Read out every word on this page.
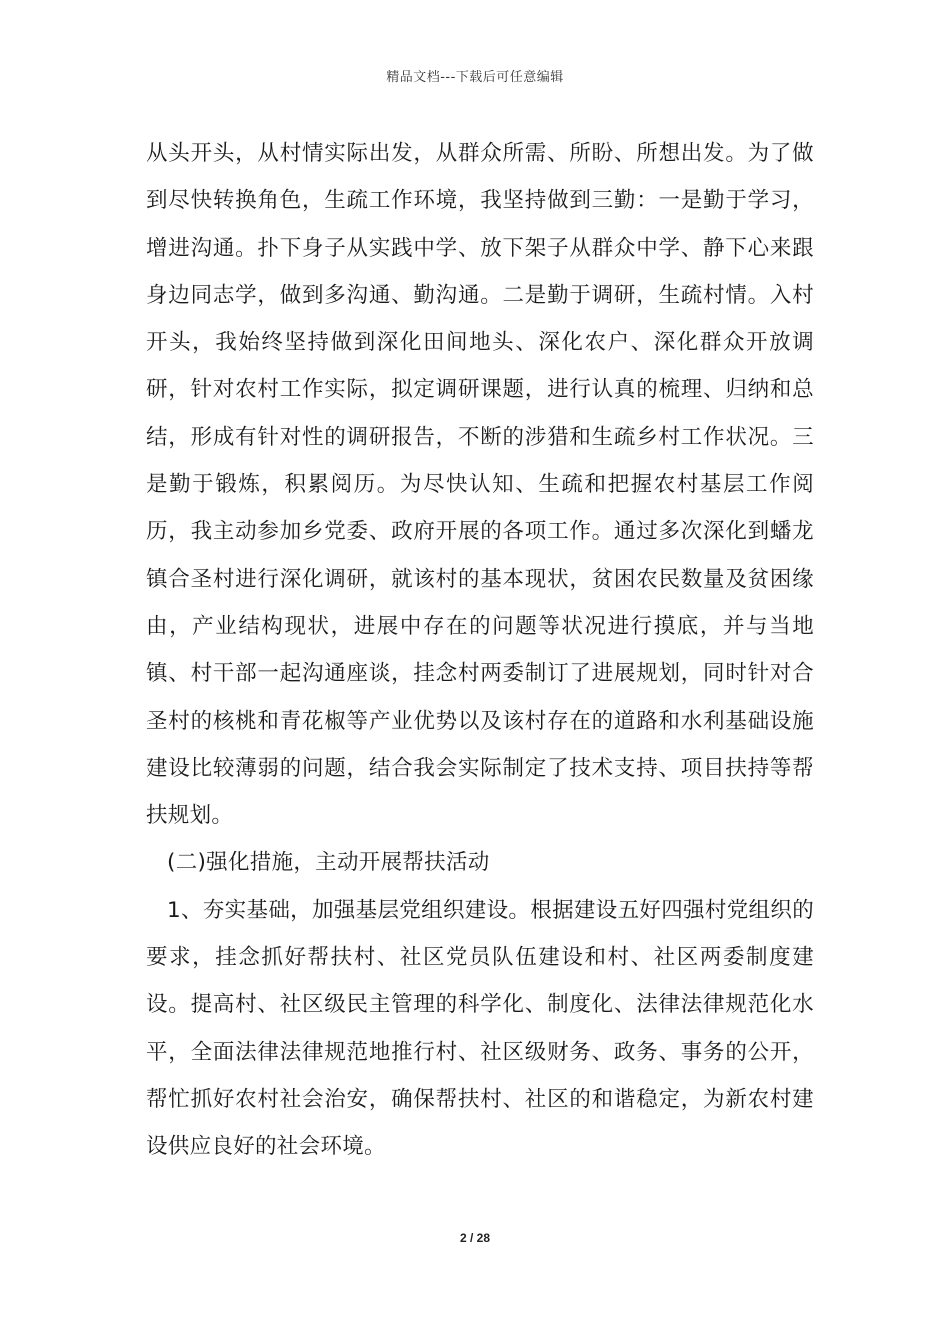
精品文档---下载后可任意编辑

从头开头，从村情实际出发，从群众所需、所盼、所想出发。为了做到尽快转换角色，生疏工作环境，我坚持做到三勤：一是勤于学习，增进沟通。扑下身子从实践中学、放下架子从群众中学、静下心来跟身边同志学，做到多沟通、勤沟通。二是勤于调研，生疏村情。入村开头，我始终坚持做到深化田间地头、深化农户、深化群众开放调研，针对农村工作实际，拟定调研课题，进行认真的梳理、归纳和总结，形成有针对性的调研报告，不断的涉猎和生疏乡村工作状况。三是勤于锻炼，积累阅历。为尽快认知、生疏和把握农村基层工作阅历，我主动参加乡党委、政府开展的各项工作。通过多次深化到蟠龙镇合圣村进行深化调研，就该村的基本现状，贫困农民数量及贫困缘由，产业结构现状，进展中存在的问题等状况进行摸底，并与当地镇、村干部一起沟通座谈，挂念村两委制订了进展规划，同时针对合圣村的核桃和青花椒等产业优势以及该村存在的道路和水利基础设施建设比较薄弱的问题，结合我会实际制定了技术支持、项目扶持等帮扶规划。

(二)强化措施，主动开展帮扶活动

1、夯实基础，加强基层党组织建设。根据建设五好四强村党组织的要求，挂念抓好帮扶村、社区党员队伍建设和村、社区两委制度建设。提高村、社区级民主管理的科学化、制度化、法律法律规范化水平，全面法律法律规范地推行村、社区级财务、政务、事务的公开，帮忙抓好农村社会治安，确保帮扶村、社区的和谐稳定，为新农村建设供应良好的社会环境。

2 / 28
